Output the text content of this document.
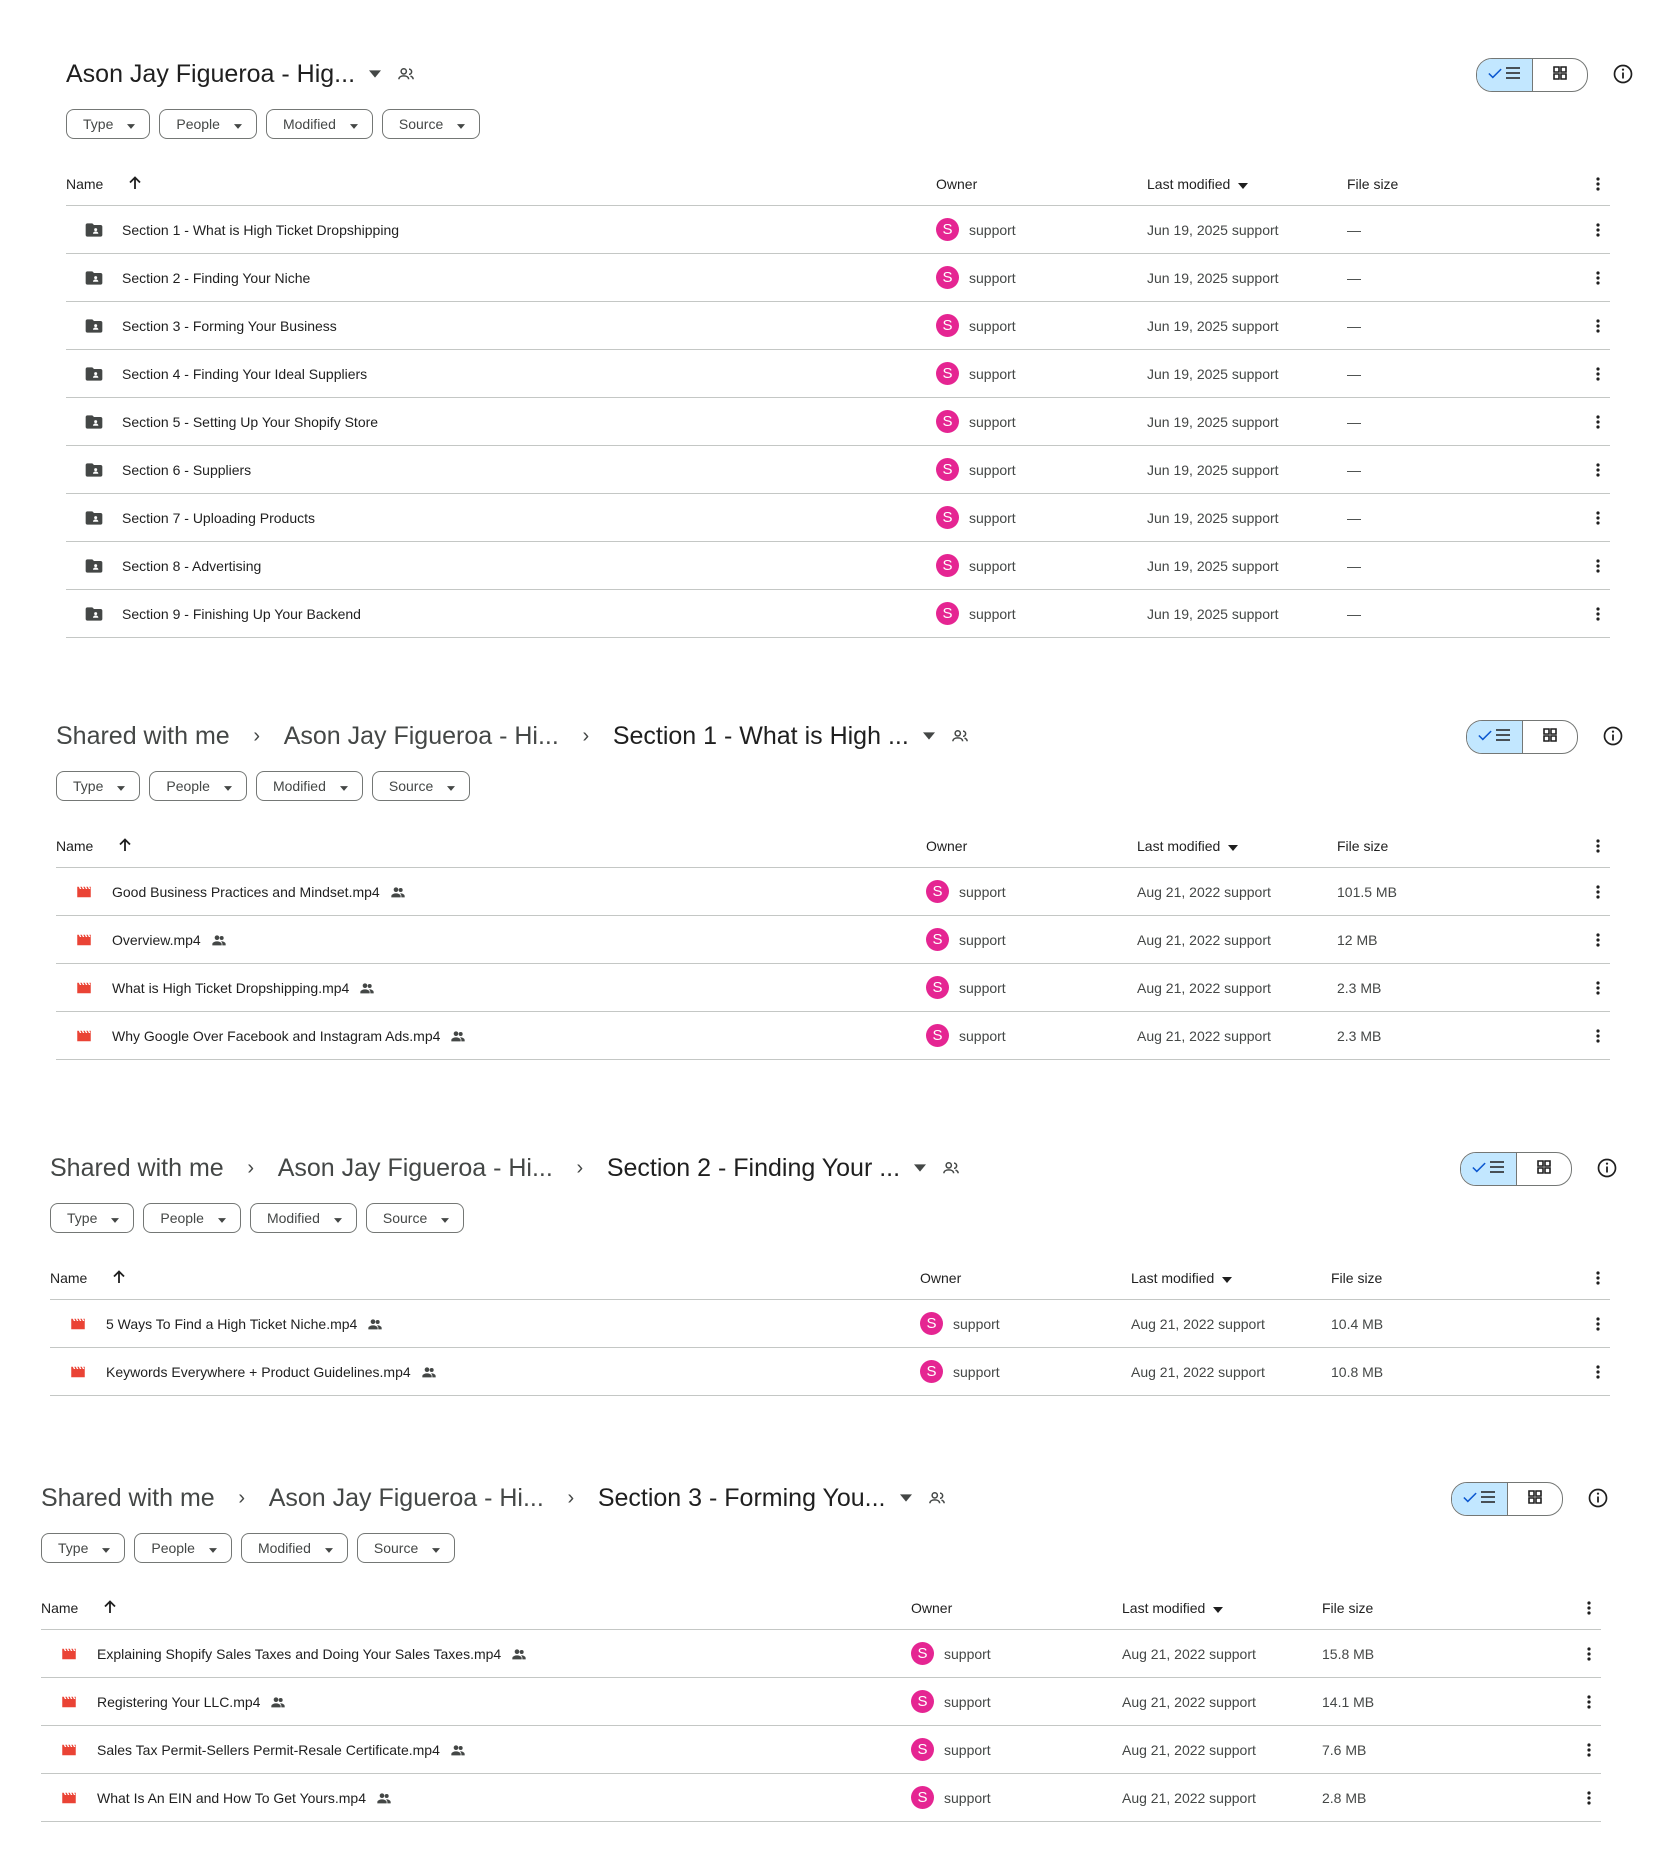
Ason Jay Figueroa - Hig...

Type	People	Modified	Source
Name	Owner	Last modified	File size
Section 1 - What is High Ticket Dropshipping	S	support	Jun 19, 2025 support	—
Section 2 - Finding Your Niche	S	support	Jun 19, 2025 support	—
Section 3 - Forming Your Business	S	support	Jun 19, 2025 support	—
Section 4 - Finding Your Ideal Suppliers	S	support	Jun 19, 2025 support	—
Section 5 - Setting Up Your Shopify Store	S	support	Jun 19, 2025 support	—
Section 6 - Suppliers	S	support	Jun 19, 2025 support	—
Section 7 - Uploading Products	S	support	Jun 19, 2025 support	—
Section 8 - Advertising	S	support	Jun 19, 2025 support	—
Section 9 - Finishing Up Your Backend	S	support	Jun 19, 2025 support	—
Shared with me	› Ason Jay Figueroa - Hi...	› Section 1 - What is High ...

Type	People	Modified	Source
Name	Owner	Last modified	File size
Good Business Practices and Mindset.mp4	S	support	Aug 21, 2022 support	101.5 MB
Overview.mp4	S	support	Aug 21, 2022 support	12 MB
What is High Ticket Dropshipping.mp4	S	support	Aug 21, 2022 support	2.3 MB
Why Google Over Facebook and Instagram Ads.mp4	S	support	Aug 21, 2022 support	2.3 MB
Shared with me	› Ason Jay Figueroa - Hi...	› Section 2 - Finding Your ...

Type	People	Modified	Source
Name	Owner	Last modified	File size
5 Ways To Find a High Ticket Niche.mp4	S	support	Aug 21, 2022 support	10.4 MB
Keywords Everywhere + Product Guidelines.mp4	S	support	Aug 21, 2022 support	10.8 MB
Shared with me	› Ason Jay Figueroa - Hi...	› Section 3 - Forming You...

Type	People	Modified	Source
Name	Owner	Last modified	File size
Explaining Shopify Sales Taxes and Doing Your Sales Taxes.mp4	S	support	Aug 21, 2022 support	15.8 MB
Registering Your LLC.mp4	S	support	Aug 21, 2022 support	14.1 MB
Sales Tax Permit-Sellers Permit-Resale Certificate.mp4	S	support	Aug 21, 2022 support	7.6 MB
What Is An EIN and How To Get Yours.mp4	S	support	Aug 21, 2022 support	2.8 MB
